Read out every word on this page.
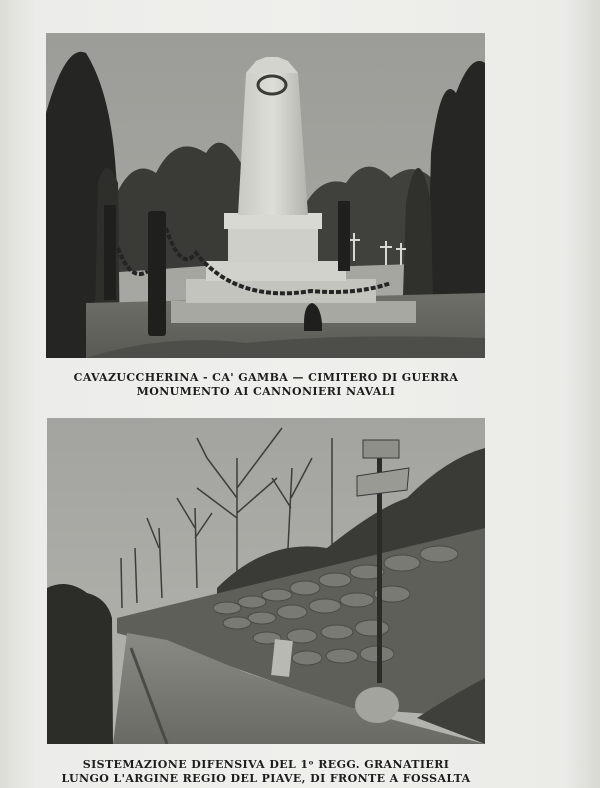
CAVAZUCCHERINA - CA' GAMBA — CIMITERO DI GUERRA
MONUMENTO AI CANNONIERI NAVALI
SISTEMAZIONE DIFENSIVA DEL 1ᵒ REGG. GRANATIERI
LUNGO L'ARGINE REGIO DEL PIAVE, DI FRONTE A FOSSALTA
